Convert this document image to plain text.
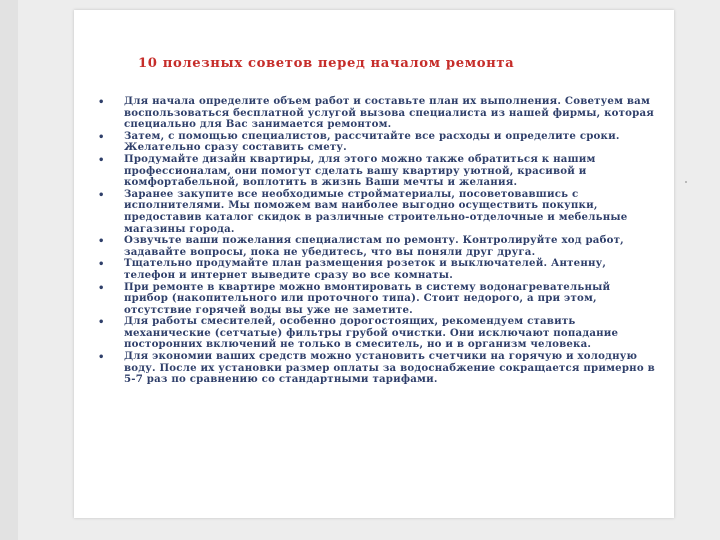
10 полезных советов перед началом ремонта
•	Для начала определите объем работ и составьте план их выполнения. Советуем вам воспользоваться бесплатной услугой вызова специалиста из нашей фирмы, которая специально для Вас занимается ремонтом.
•	Затем, с помощью специалистов, рассчитайте все расходы и определите сроки. Желательно сразу составить смету.
•	Продумайте дизайн квартиры, для этого можно также обратиться к нашим профессионалам, они помогут сделать вашу квартиру уютной, красивой и комфортабельной, воплотить в жизнь Ваши мечты и желания.
•	Заранее закупите все необходимые стройматериалы, посоветовавшись с исполнителями. Мы поможем вам наиболее выгодно осуществить покупки, предоставив каталог скидок в различные строительно-отделочные и мебельные магазины города.
•	Озвучьте ваши пожелания специалистам по ремонту. Контролируйте ход работ, задавайте вопросы, пока не убедитесь, что вы поняли друг друга.
•	Тщательно продумайте план размещения розеток и выключателей. Антенну, телефон и интернет выведите сразу во все комнаты.
•	При ремонте в квартире можно вмонтировать в систему водонагревательный прибор (накопительного или проточного типа). Стоит недорого, а при этом, отсутствие горячей воды вы уже не заметите.
•	Для работы смесителей, особенно дорогостоящих, рекомендуем ставить механические (сетчатые) фильтры грубой очистки. Они исключают попадание посторонних включений не только в смеситель, но и в организм человека.
•	Для экономии ваших средств можно установить счетчики на горячую и холодную воду. После их установки размер оплаты за водоснабжение сокращается примерно в 5-7 раз по сравнению со стандартными тарифами.
